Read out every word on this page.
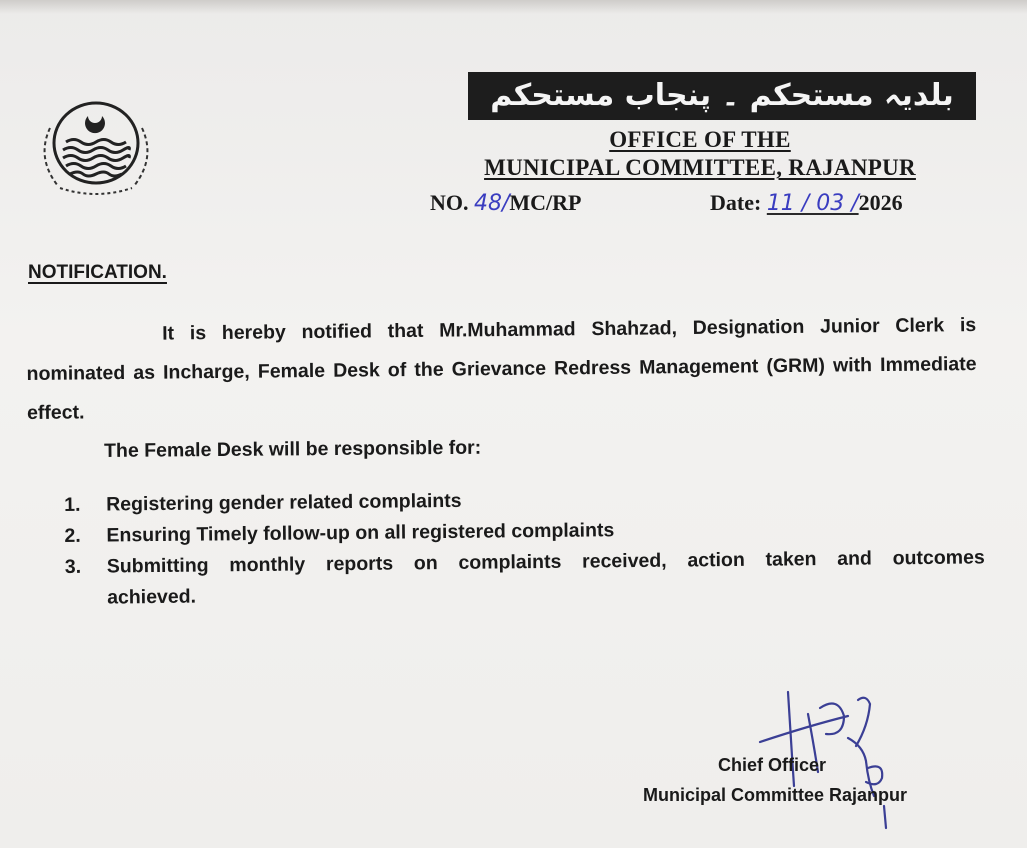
بلدیہ مستحکم ۔ پنجاب مستحکم
OFFICE OF THE
MUNICIPAL COMMITTEE, RAJANPUR
NO. 48/MC/RP	Date: 11 / 03 /2026
NOTIFICATION.
It is hereby notified that Mr.Muhammad Shahzad, Designation Junior Clerk is nominated as Incharge, Female Desk of the Grievance Redress Management (GRM) with Immediate effect.
The Female Desk will be responsible for:
1. Registering gender related complaints
2. Ensuring Timely follow-up on all registered complaints
3. Submitting monthly reports on complaints received, action taken and outcomes achieved.
Chief Officer
Municipal Committee Rajanpur
